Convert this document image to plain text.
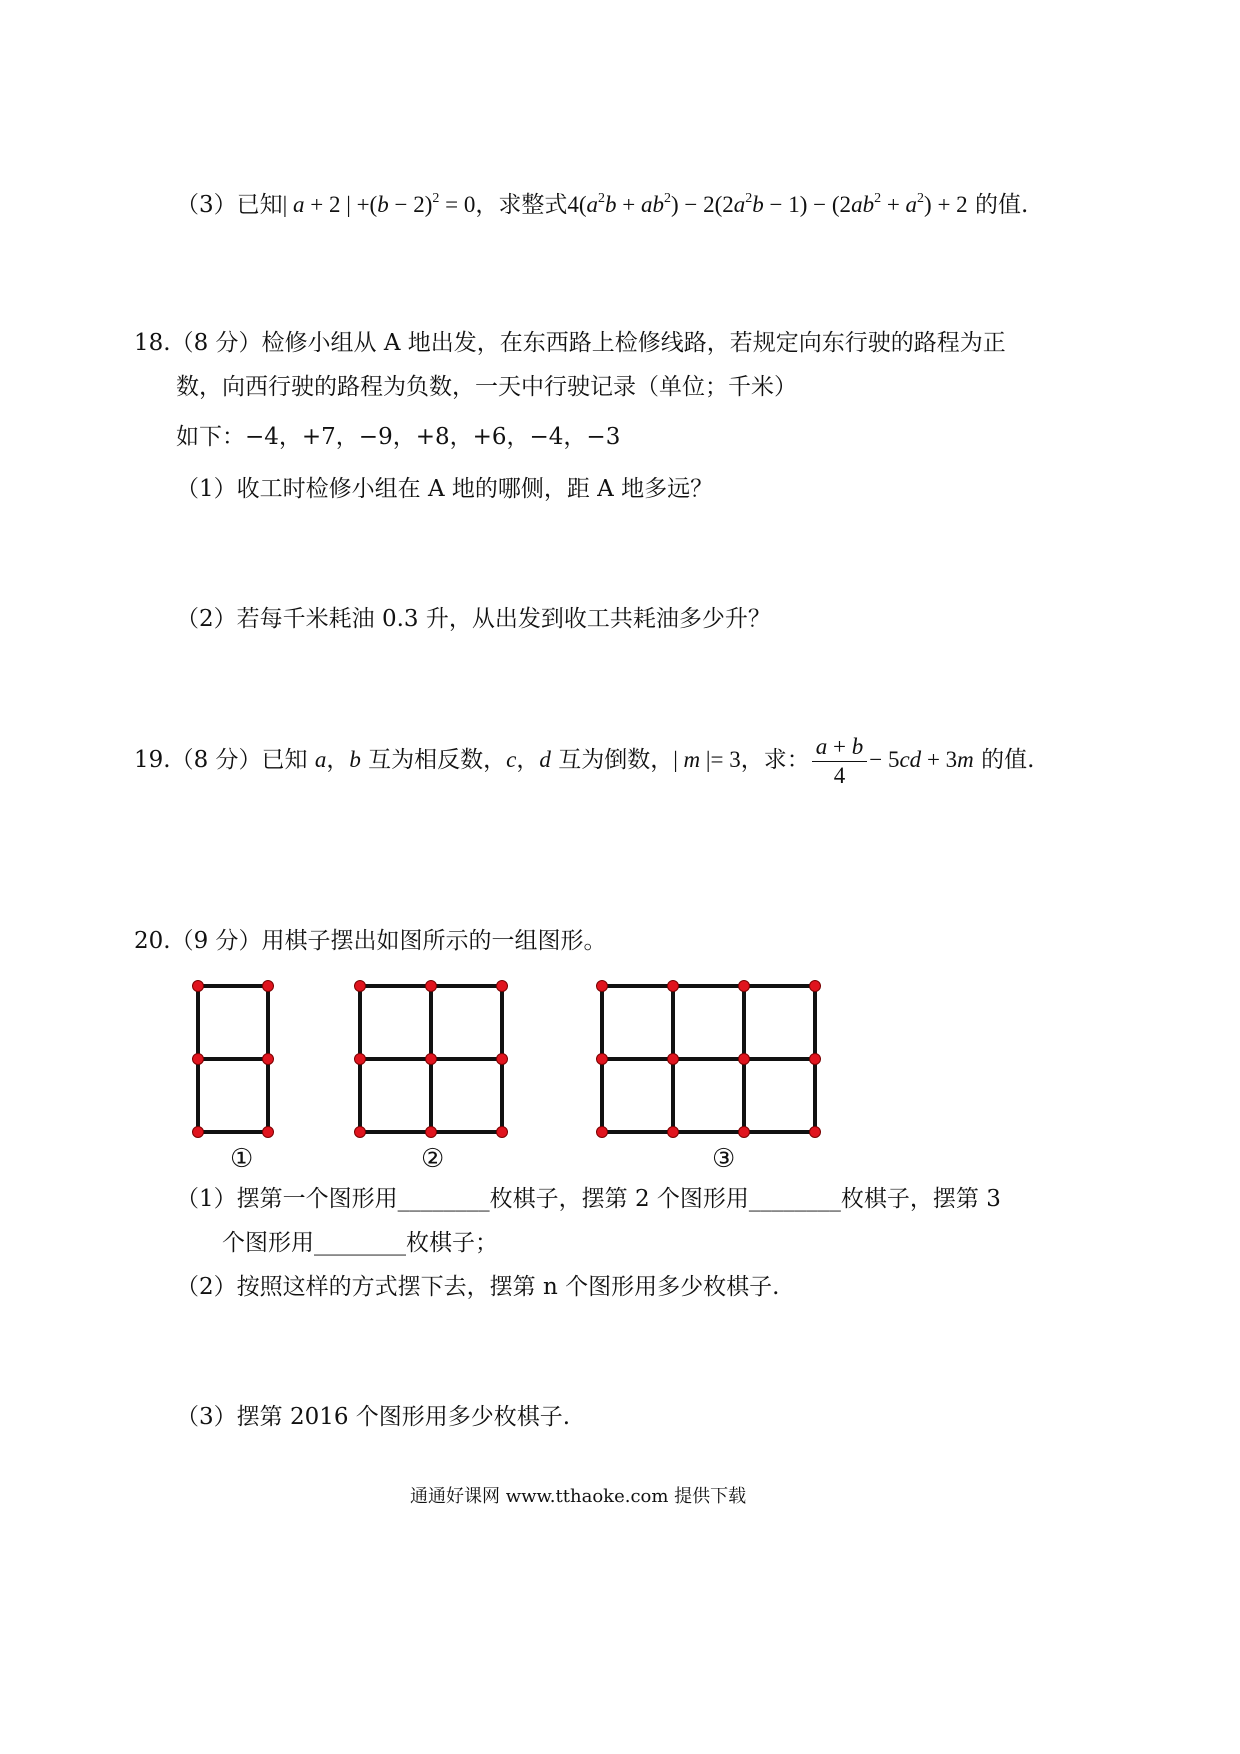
（3）已知| a + 2 | $+(b - 2)^2 = 0$，求整式$4(a^2b + ab^2) - 2(2a^2b - 1) - (2ab^2 + a^2) + 2$ 的值.
18.（8 分）检修小组从 A 地出发，在东西路上检修线路，若规定向东行驶的路程为正
数，向西行驶的路程为负数，一天中行驶记录（单位；千米）
如下：−4，+7，−9，+8，+6，−4，−3
（1）收工时检修小组在 A 地的哪侧，距 A 地多远？
（2）若每千米耗油 0.3 升，从出发到收工共耗油多少升？
19.（8 分）已知 a，b 互为相反数，c，d 互为倒数，| m |= 3，求： $\frac{a + b}{4} - 5cd + 3m$ 的值.
20.（9 分）用棋子摆出如图所示的一组图形。
①	②	③
（1）摆第一个图形用________枚棋子，摆第 2 个图形用________枚棋子，摆第 3
个图形用________枚棋子；
（2）按照这样的方式摆下去，摆第 n 个图形用多少枚棋子.
（3）摆第 2016 个图形用多少枚棋子.
通通好课网 www.tthaoke.com 提供下载
